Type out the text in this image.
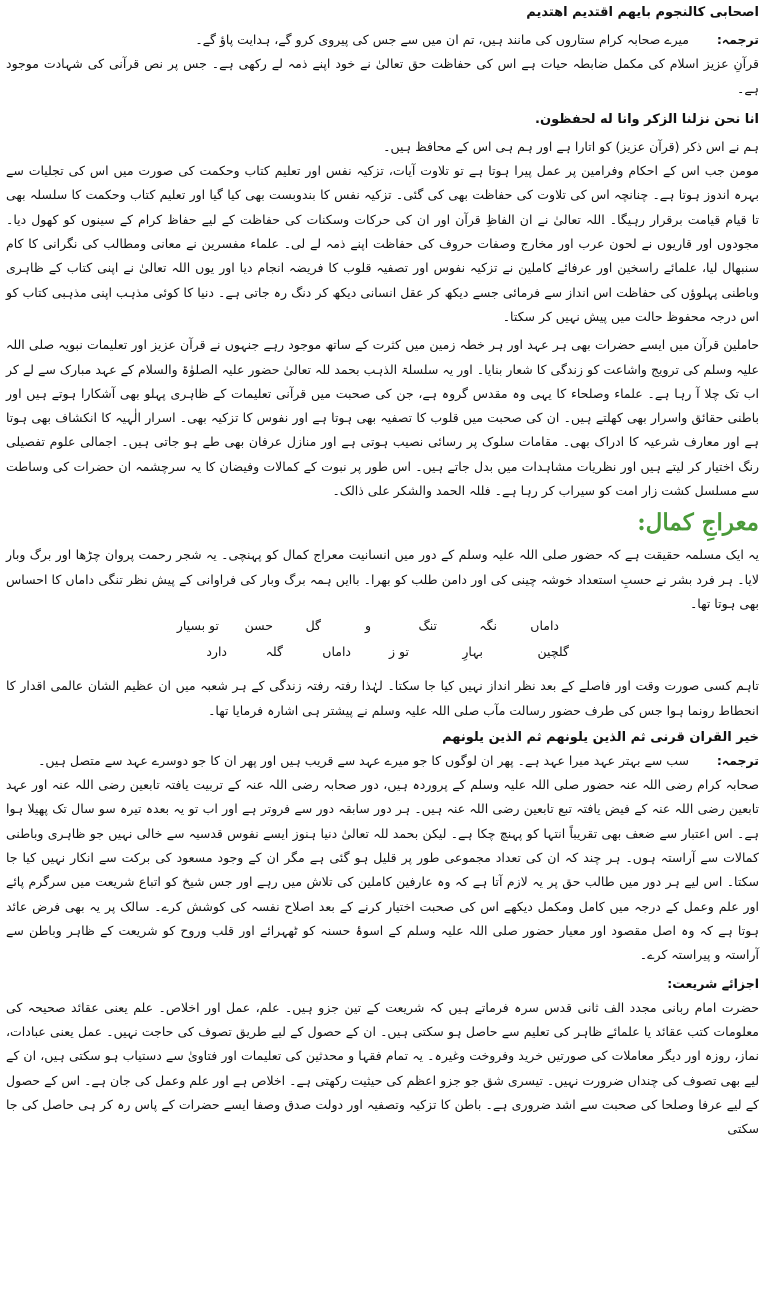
اصحابی کالنجوم بایھم اقتدیم اھتدیم

ترجمہ:       میرے صحابہ کرام ستاروں کی مانند ہیں، تم ان میں سے جس کی پیروی کرو گے، ہدایت پاؤ گے۔

قرآنِ عزیز اسلام کی مکمل ضابطہ حیات ہے اس کی حفاظت حق تعالیٰ نے خود اپنے ذمہ لے رکھی ہے۔ جس پر نص قرآنی کی شہادت موجود ہے۔

انا نحن نزلنا الزکر وانا له لحفظون.

ہم نے اس ذکر (قرآن عزیز) کو اتارا ہے اور ہم ہی اس کے محافظ ہیں۔

مومن جب اس کے احکام وفرامین پر عمل پیرا ہوتا ہے تو تلاوت آیات، تزکیہ نفس اور تعلیم کتاب وحکمت کی صورت میں اس کی تجلیات سے بہرہ اندوز ہوتا ہے۔ چنانچہ اس کی تلاوت کی حفاظت بھی کی گئی۔ تزکیہ نفس کا بندوبست بھی کیا گیا اور تعلیم کتاب وحکمت کا سلسلہ بھی تا قیام قیامت برقرار رہیگا۔ اللہ تعالیٰ نے ان الفاظِ قرآن اور ان کی حرکات وسکنات کی حفاظت کے لیے حفاظ کرام کے سینوں کو کھول دیا۔ مجودوں اور قاریوں نے لحون عرب اور مخارج وصفات حروف کی حفاظت اپنے ذمہ لے لی۔ علماء مفسرین نے معانی ومطالب کی نگرانی کا کام سنبھال لیا، علمائے راسخین اور عرفائے کاملین نے تزکیہ نفوس اور تصفیہ قلوب کا فریضہ انجام دیا اور یوں اللہ تعالیٰ نے اپنی کتاب کے ظاہری وباطنی پہلوؤں کی حفاظت اس انداز سے فرمائی جسے دیکھ کر عقل انسانی دیکھ کر دنگ رہ جاتی ہے۔ دنیا کا کوئی مذہب اپنی مذہبی کتاب کو اس درجہ محفوظ حالت میں پیش نہیں کر سکتا۔

حاملین قرآن میں ایسے حضرات بھی ہر عہد اور ہر خطہ زمین میں کثرت کے ساتھ موجود رہے جنہوں نے قرآن عزیز اور تعلیمات نبویہ صلی اللہ علیہ وسلم کی ترویج واشاعت کو زندگی کا شعار بنایا۔ اور یہ سلسلۃ الذہب بحمد للہ تعالیٰ حضور علیہ الصلوٰۃ والسلام کے عہد مبارک سے لے کر اب تک چلا آ رہا ہے۔ علماء وصلحاء کا یہی وہ مقدس گروہ ہے، جن کی صحبت میں قرآنی تعلیمات کے ظاہری پہلو بھی آشکارا ہوتے ہیں اور باطنی حقائق واسرار بھی کھلتے ہیں۔ ان کی صحبت میں قلوب کا تصفیہ بھی ہوتا ہے اور نفوس کا تزکیہ بھی۔ اسرار الٰہیہ کا انکشاف بھی ہوتا ہے اور معارف شرعیہ کا ادراک بھی۔ مقامات سلوک پر رسائی نصیب ہوتی ہے اور منازل عرفان بھی طے ہو جاتی ہیں۔ اجمالی علوم تفصیلی رنگ اختیار کر لیتے ہیں اور نظریات مشاہدات میں بدل جاتے ہیں۔ اس طور پر نبوت کے کمالات وفیضان کا یہ سرچشمہ ان حضرات کی وساطت سے مسلسل کشت زار امت کو سیراب کر رہا ہے۔ فللہ الحمد والشکر علی ذالک۔

معراجِ کمال:

یہ ایک مسلمہ حقیقت ہے کہ حضور صلی اللہ علیہ وسلم کے دور میں انسانیت معراج کمال کو پہنچی۔ یہ شجر رحمت پروان چڑھا اور برگ وبار لایا۔ ہر فرد بشر نے حسبِ استعداد خوشہ چینی کی اور دامن طلب کو بھرا۔ باایں ہمہ برگ وبار کی فراوانی کے پیش نظر تنگی داماں کا احساس بھی ہوتا تھا۔

داماں
نگہ
تنگ
و
گل
حسن
تو بسیار
گلچین
بہارِ
تو ز
داماں
گلہ
دارد

تاہم کسی صورت وقت اور فاصلے کے بعد نظر انداز نہیں کیا جا سکتا۔ لہٰذا رفتہ رفتہ زندگی کے ہر شعبہ میں ان عظیم الشان عالمی اقدار کا انحطاط رونما ہوا جس کی طرف حضور رسالت مآب صلی اللہ علیہ وسلم نے پیشتر ہی اشارہ فرمایا تھا۔

خیر القران قرنی ثم الذین یلونھم ثم الذین یلونھم

ترجمہ:       سب سے بہتر عہد میرا عہد ہے۔ پھر ان لوگوں کا جو میرے عہد سے قریب ہیں اور پھر ان کا جو دوسرے عہد سے متصل ہیں۔

صحابہ کرام رضی اللہ عنہ حضور صلی اللہ علیہ وسلم کے پروردہ ہیں، دور صحابہ رضی اللہ عنہ کے تربیت یافتہ تابعین رضی اللہ عنہ اور عہد تابعین رضی اللہ عنہ کے فیض یافتہ تبع تابعین رضی اللہ عنہ ہیں۔ ہر دور سابقہ دور سے فروتر ہے اور اب تو یہ بعدہ تیرہ سو سال تک پھیلا ہوا ہے۔ اس اعتبار سے ضعف بھی تقریباً انتہا کو پہنچ چکا ہے۔ لیکن بحمد للہ تعالیٰ دنیا ہنوز ایسے نفوس قدسیہ سے خالی نہیں جو ظاہری وباطنی کمالات سے آراستہ ہوں۔ ہر چند کہ ان کی تعداد مجموعی طور پر قلیل ہو گئی ہے مگر ان کے وجود مسعود کی برکت سے انکار نہیں کیا جا سکتا۔ اس لیے ہر دور میں طالب حق پر یہ لازم آتا ہے کہ وہ عارفین کاملین کی تلاش میں رہے اور جس شیخ کو اتباع شریعت میں سرگرم پائے اور علم وعمل کے درجہ میں کامل ومکمل دیکھے اس کی صحبت اختیار کرنے کے بعد اصلاح نفسہ کی کوشش کرے۔ سالک پر یہ بھی فرض عائد ہوتا ہے کہ وہ اصل مقصود اور معیار حضور صلی اللہ علیہ وسلم کے اسوۂ حسنہ کو ٹھہرائے اور قلب وروح کو شریعت کے ظاہر وباطن سے آراستہ و پیراستہ کرے۔

اجزائے شریعت:

حضرت امام ربانی مجدد الف ثانی قدس سرہ فرماتے ہیں کہ شریعت کے تین جزو ہیں۔ علم، عمل اور اخلاص۔ علم یعنی عقائد صحیحہ کی معلومات کتب عقائد یا علمائے ظاہر کی تعلیم سے حاصل ہو سکتی ہیں۔ ان کے حصول کے لیے طریق تصوف کی حاجت نہیں۔ عمل یعنی عبادات، نماز، روزہ اور دیگر معاملات کی صورتیں خرید وفروخت وغیرہ۔ یہ تمام فقہا و محدثین کی تعلیمات اور فتاویٰ سے دستیاب ہو سکتی ہیں، ان کے لیے بھی تصوف کی چنداں ضرورت نہیں۔ تیسری شق جو جزو اعظم کی حیثیت رکھتی ہے۔ اخلاص ہے اور علم وعمل کی جان ہے۔ اس کے حصول کے لیے عرفا وصلحا کی صحبت سے اشد ضروری ہے۔ باطن کا تزکیہ وتصفیہ اور دولت صدق وصفا ایسے حضرات کے پاس رہ کر ہی حاصل کی جا سکتی
